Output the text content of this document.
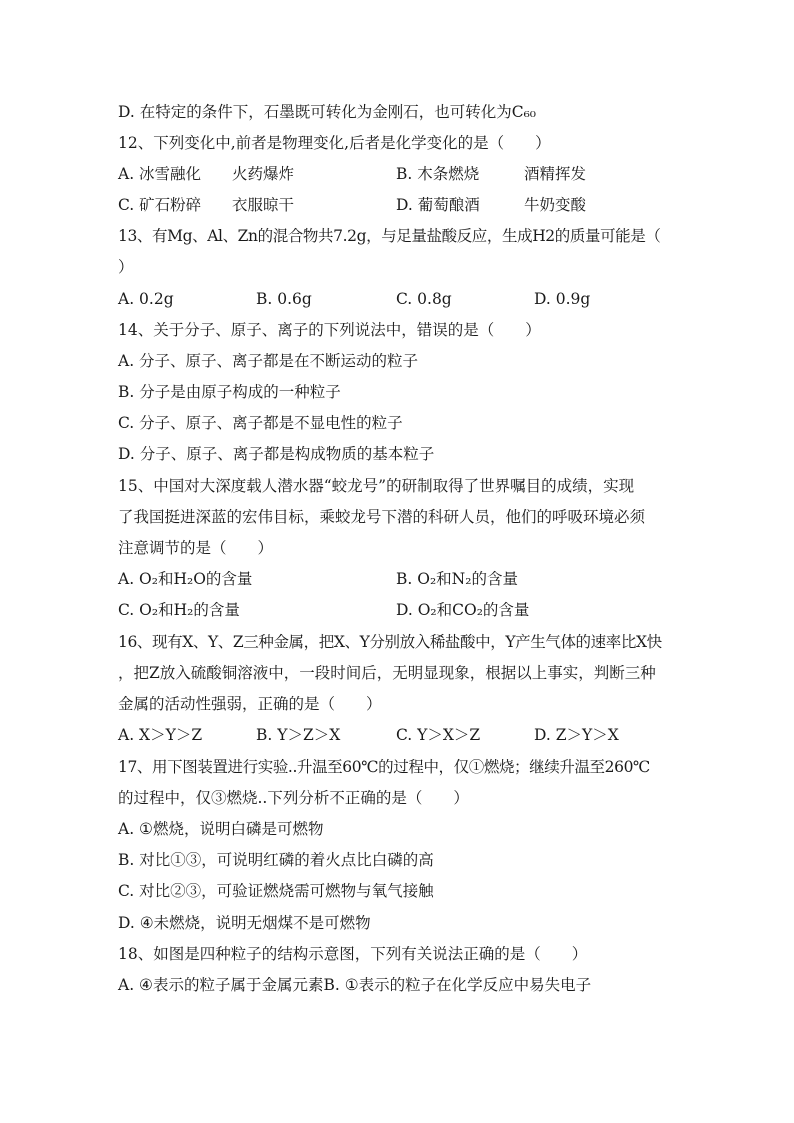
D. 在特定的条件下，石墨既可转化为金刚石，也可转化为C₆₀
12、下列变化中,前者是物理变化,后者是化学变化的是（　　）
A. 冰雪融化 火药爆炸	B. 木条燃烧	酒精挥发
C. 矿石粉碎 衣服晾干	D. 葡萄酿酒	牛奶变酸
13、有Mg、Al、Zn的混合物共7.2g，与足量盐酸反应，生成H2的质量可能是（
）
A. 0.2g	B. 0.6g	C. 0.8g	D. 0.9g
14、关于分子、原子、离子的下列说法中，错误的是（　　）
A. 分子、原子、离子都是在不断运动的粒子
B. 分子是由原子构成的一种粒子
C. 分子、原子、离子都是不显电性的粒子
D. 分子、原子、离子都是构成物质的基本粒子
15、中国对大深度载人潜水器“蛟龙号”的研制取得了世界嘱目的成绩，实现
了我国挺进深蓝的宏伟目标，乘蛟龙号下潜的科研人员，他们的呼吸环境必须
注意调节的是（　　）
A. O₂和H₂O的含量	B. O₂和N₂的含量
C. O₂和H₂的含量	D. O₂和CO₂的含量
16、现有X、Y、Z三种金属，把X、Y分别放入稀盐酸中，Y产生气体的速率比X快
，把Z放入硫酸铜溶液中，一段时间后，无明显现象，根据以上事实，判断三种
金属的活动性强弱，正确的是（　　）
A. X＞Y＞Z	B. Y＞Z＞X	C. Y＞X＞Z	D. Z＞Y＞X
17、用下图装置进行实验..升温至60℃的过程中，仅①燃烧；继续升温至260℃
的过程中，仅③燃烧..下列分析不正确的是（　　）
A. ①燃烧，说明白磷是可燃物
B. 对比①③，可说明红磷的着火点比白磷的高
C. 对比②③，可验证燃烧需可燃物与氧气接触
D. ④未燃烧，说明无烟煤不是可燃物
18、如图是四种粒子的结构示意图，下列有关说法正确的是（　　）
A. ④表示的粒子属于金属元素B. ①表示的粒子在化学反应中易失电子
